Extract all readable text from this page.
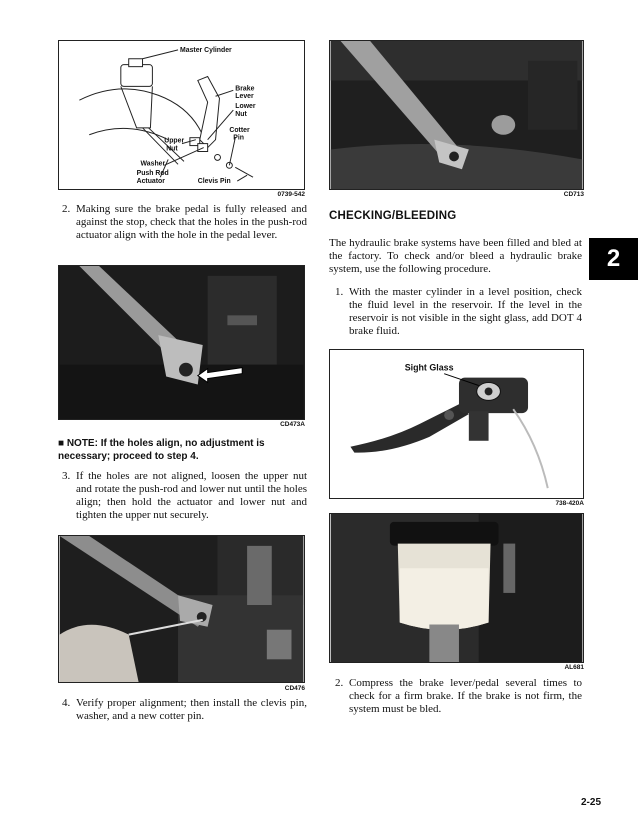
Master Cylinder
Brake
Lever
Lower
Nut
Cotter
Pin
Upper
Nut
Washer
Push Rod
Actuator	Clevis Pin
0739-542
2. Making sure the brake pedal is fully released and against the stop, check that the holes in the push-rod actuator align with the hole in the pedal lever.
CD473A
■ NOTE: If the holes align, no adjustment is necessary; proceed to step 4.
3. If the holes are not aligned, loosen the upper nut and rotate the push-rod and lower nut until the holes align; then hold the actuator and lower nut and tighten the upper nut securely.
CD476
4. Verify proper alignment; then install the clevis pin, washer, and a new cotter pin.
CD713
CHECKING/BLEEDING

The hydraulic brake systems have been filled and bled at the factory. To check and/or bleed a hydraulic brake system, use the following procedure.

1. With the master cylinder in a level position, check the fluid level in the reservoir. If the level in the reservoir is not visible in the sight glass, add DOT 4 brake fluid.
Sight Glass
738-420A
AL681
2. Compress the brake lever/pedal several times to check for a firm brake. If the brake is not firm, the system must be bled.
2
2-25
